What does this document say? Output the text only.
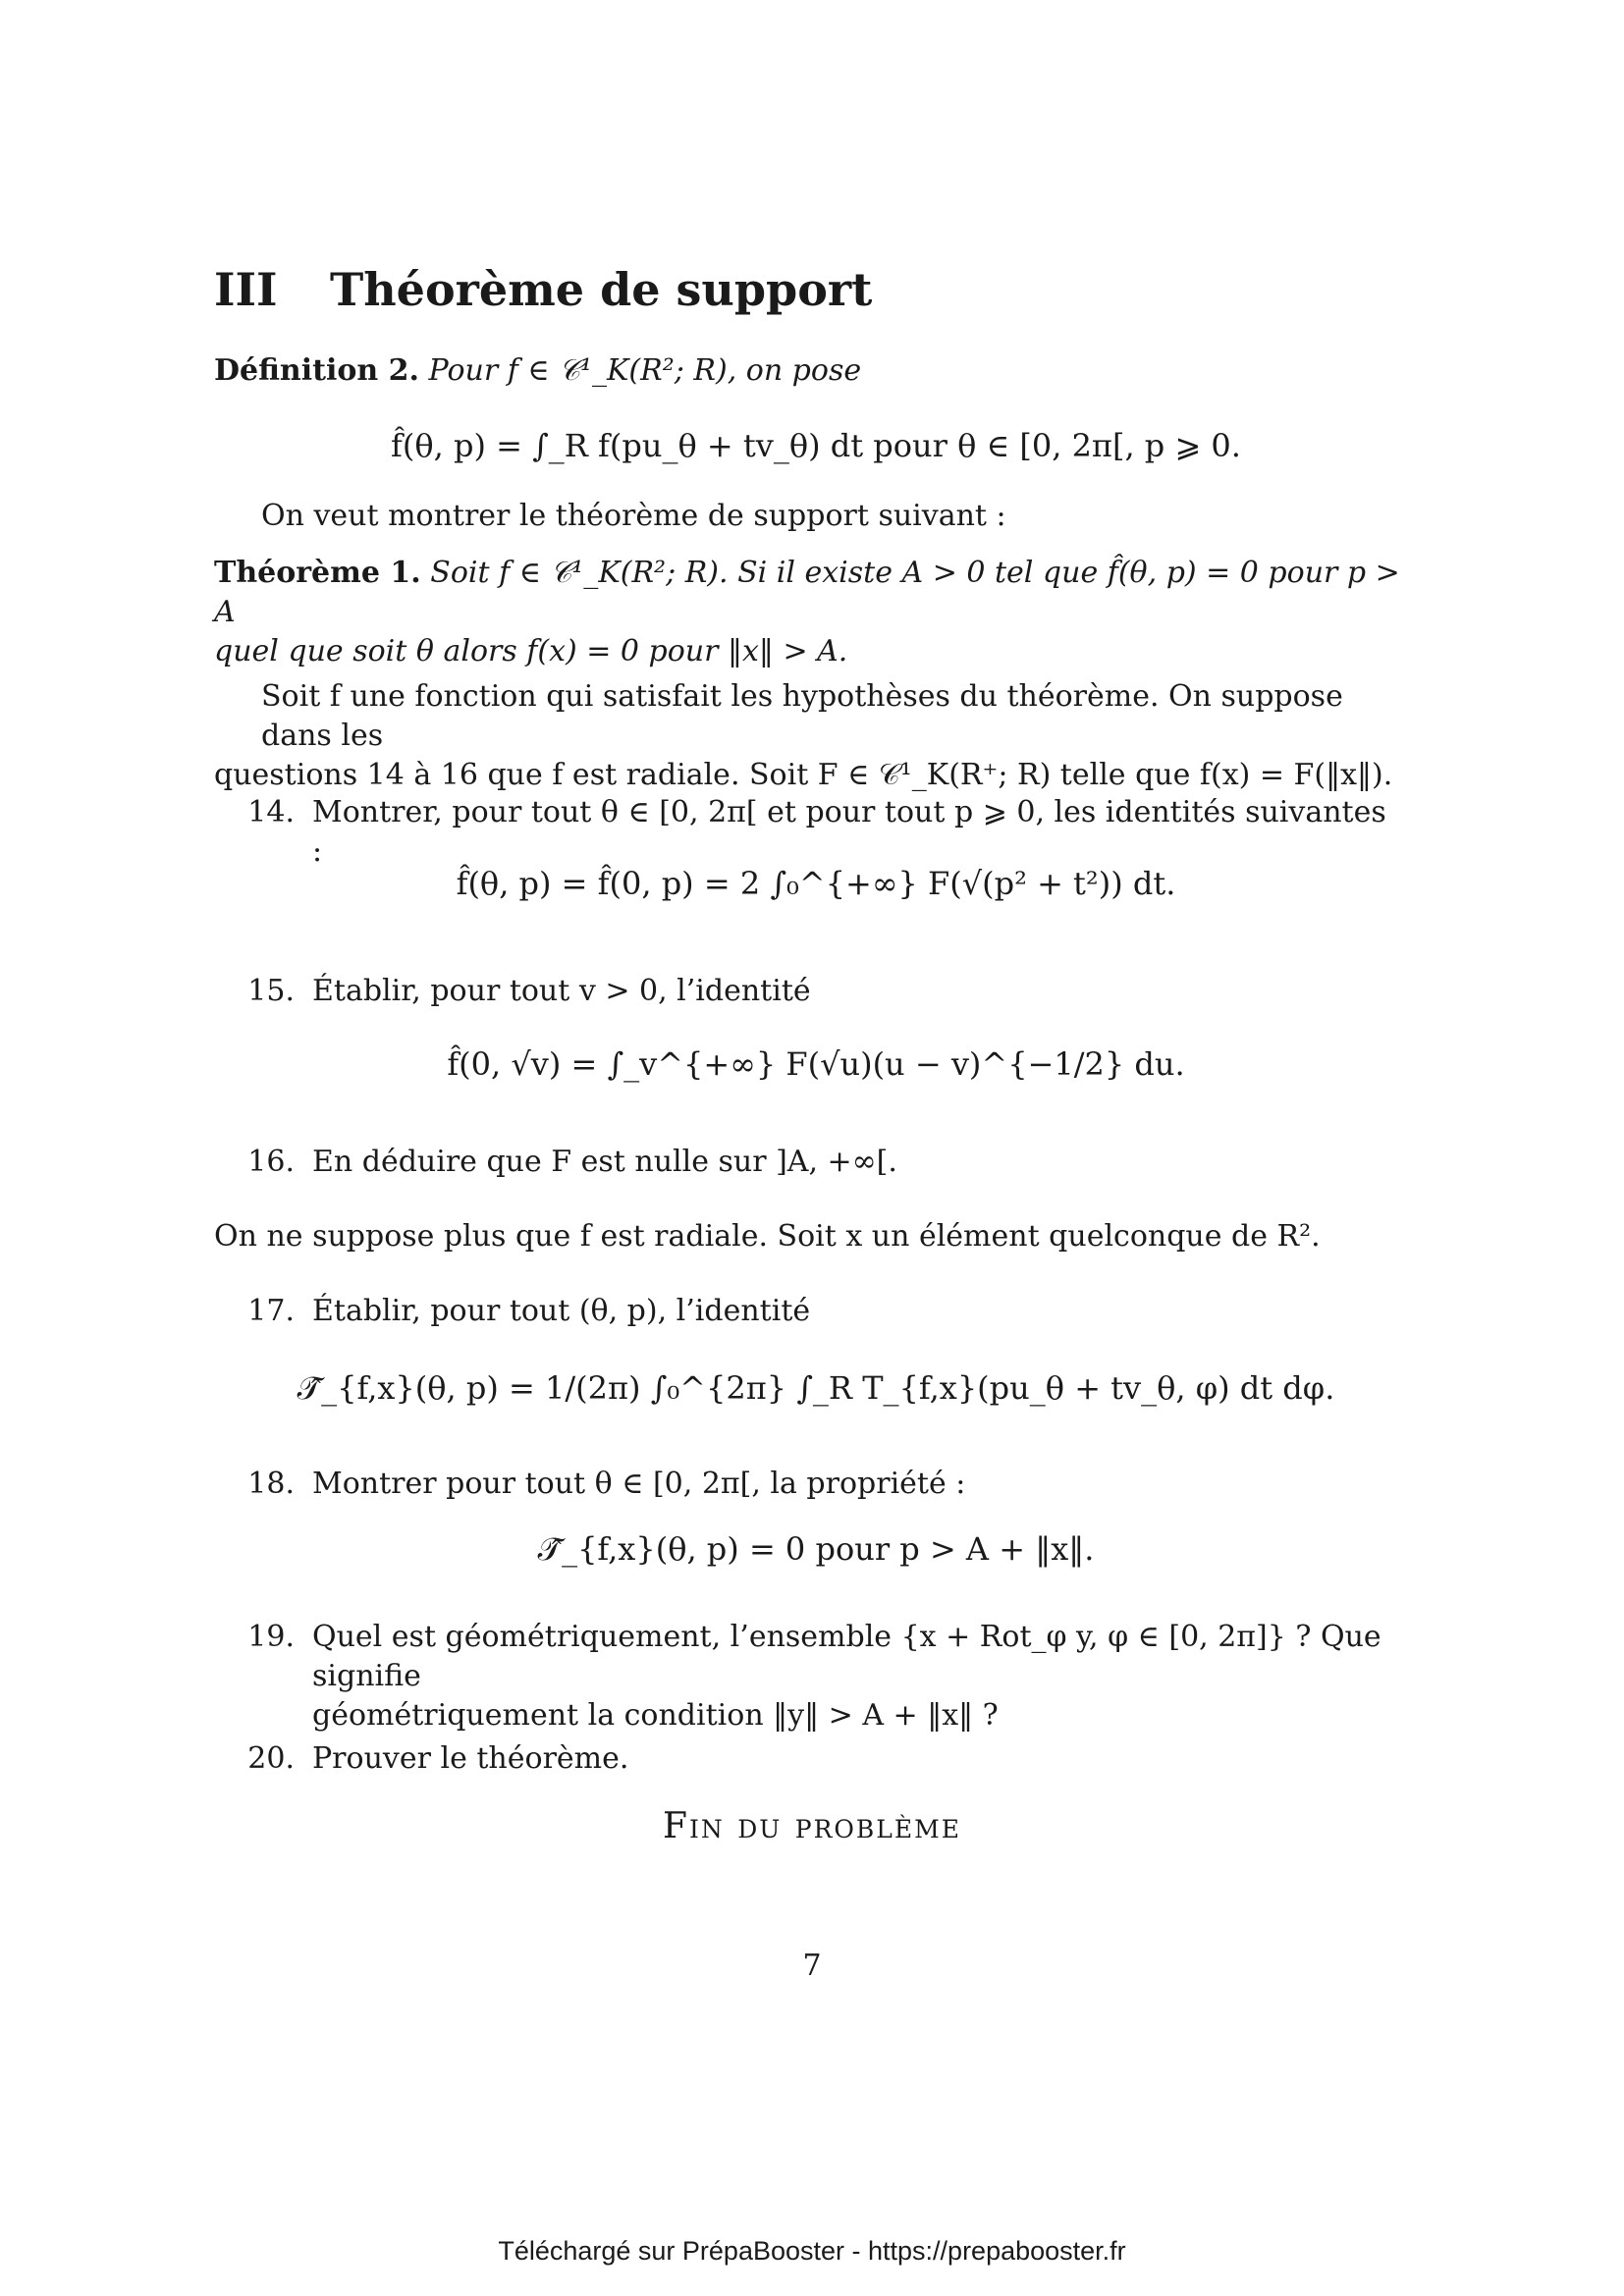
III Théorème de support
Définition 2. Pour f ∈ 𝒞¹_K(R²; R), on pose
f̂(θ, p) = ∫_R f(pu_θ + tv_θ) dt pour θ ∈ [0, 2π[, p ⩾ 0.
On veut montrer le théorème de support suivant :
Théorème 1. Soit f ∈ 𝒞¹_K(R²; R). Si il existe A > 0 tel que f̂(θ, p) = 0 pour p > A
quel que soit θ alors f(x) = 0 pour ‖x‖ > A.
Soit f une fonction qui satisfait les hypothèses du théorème. On suppose dans les
questions 14 à 16 que f est radiale. Soit F ∈ 𝒞¹_K(R⁺; R) telle que f(x) = F(‖x‖).
14. Montrer, pour tout θ ∈ [0, 2π[ et pour tout p ⩾ 0, les identités suivantes :
f̂(θ, p) = f̂(0, p) = 2 ∫₀^{+∞} F(√(p² + t²)) dt.
15. Établir, pour tout v > 0, l’identité
f̂(0, √v) = ∫_v^{+∞} F(√u)(u − v)^{−1/2} du.
16. En déduire que F est nulle sur ]A, +∞[.
On ne suppose plus que f est radiale. Soit x un élément quelconque de R².
17. Établir, pour tout (θ, p), l’identité
𝒯̂_{f,x}(θ, p) = 1/(2π) ∫₀^{2π} ∫_R T_{f,x}(pu_θ + tv_θ, φ) dt dφ.
18. Montrer pour tout θ ∈ [0, 2π[, la propriété :
𝒯̂_{f,x}(θ, p) = 0 pour p > A + ‖x‖.
19. Quel est géométriquement, l’ensemble {x + Rot_φ y, φ ∈ [0, 2π]} ? Que signifie
géométriquement la condition ‖y‖ > A + ‖x‖ ?
20. Prouver le théorème.
Fin du problème
7
Téléchargé sur PrépaBooster - https://prepabooster.fr
